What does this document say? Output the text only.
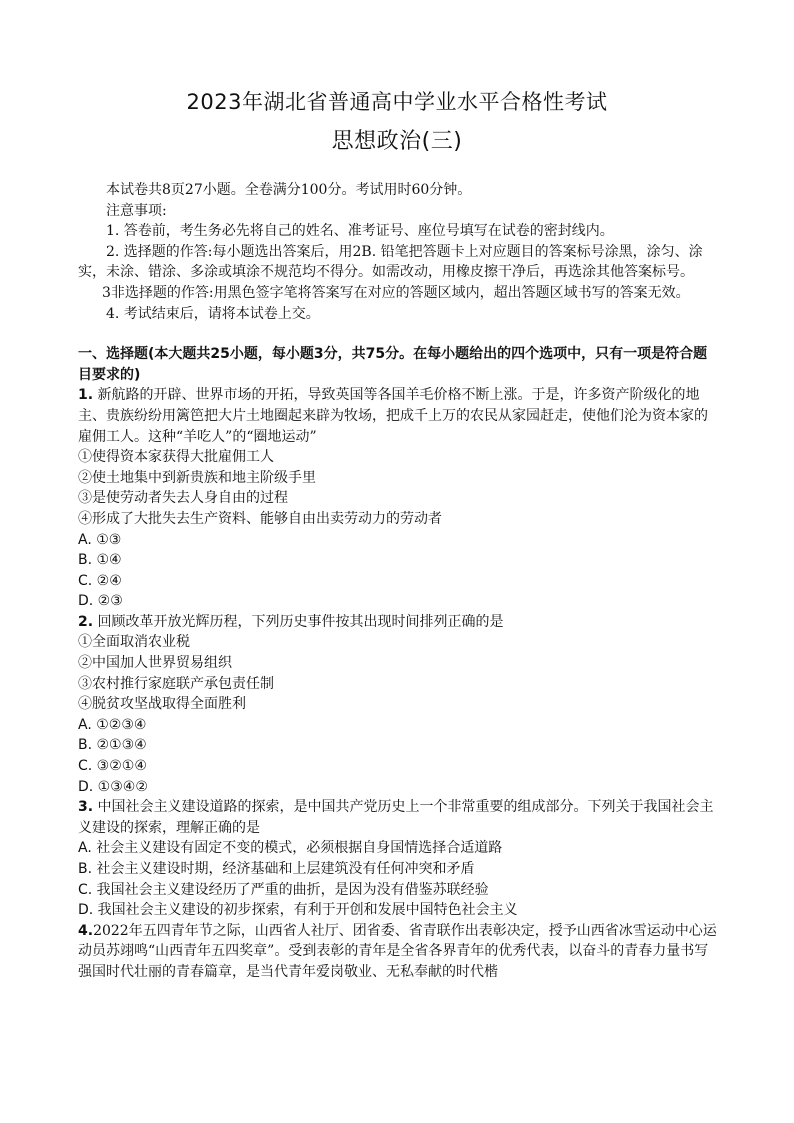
2023年湖北省普通高中学业水平合格性考试
思想政治(三)

本试卷共8页27小题。全卷满分100分。考试用时60分钟。

注意事项:

1. 答卷前，考生务必先将自己的姓名、准考证号、座位号填写在试卷的密封线内。

2. 选择题的作答:每小题选出答案后，用2B. 铅笔把答题卡上对应题目的答案标号涂黑，涂匀、涂实，未涂、错涂、多涂或填涂不规范均不得分。如需改动，用橡皮擦干净后，再选涂其他答案标号。

3非选择题的作答:用黑色签字笔将答案写在对应的答题区域内，超出答题区域书写的答案无效。

4. 考试结束后，请将本试卷上交。

一、选择题(本大题共25小题，每小题3分，共75分。在每小题给出的四个选项中，只有一项是符合题目要求的)

1. 新航路的开辟、世界市场的开拓，导致英国等各国羊毛价格不断上涨。于是，许多资产阶级化的地主、贵族纷纷用篱笆把大片土地圈起来辟为牧场，把成千上万的农民从家园赶走，使他们沦为资本家的雇佣工人。这种“羊吃人”的“圈地运动”

①使得资本家获得大批雇佣工人

②使土地集中到新贵族和地主阶级手里

③是使劳动者失去人身自由的过程

④形成了大批失去生产资料、能够自由出卖劳动力的劳动者

A. ①③

B. ①④

C. ②④

D. ②③

2. 回顾改革开放光辉历程，下列历史事件按其出现时间排列正确的是

①全面取消农业税

②中国加人世界贸易组织

③农村推行家庭联产承包责任制

④脱贫攻坚战取得全面胜利

A. ①②③④

B. ②①③④

C. ③②①④

D. ①③④②

3. 中国社会主义建设道路的探索，是中国共产党历史上一个非常重要的组成部分。下列关于我国社会主义建设的探索，理解正确的是

A. 社会主义建设有固定不变的模式，必须根据自身国情选择合适道路

B. 社会主义建设时期，经济基础和上层建筑没有任何冲突和矛盾

C. 我国社会主义建设经历了严重的曲折，是因为没有借鉴苏联经验

D. 我国社会主义建设的初步探索，有利于开创和发展中国特色社会主义

4.2022年五四青年节之际，山西省人社厅、团省委、省青联作出表彰决定，授予山西省冰雪运动中心运动员苏翊鸣“山西青年五四奖章”。受到表彰的青年是全省各界青年的优秀代表，以奋斗的青春力量书写强国时代壮丽的青春篇章，是当代青年爱岗敬业、无私奉献的时代楷
